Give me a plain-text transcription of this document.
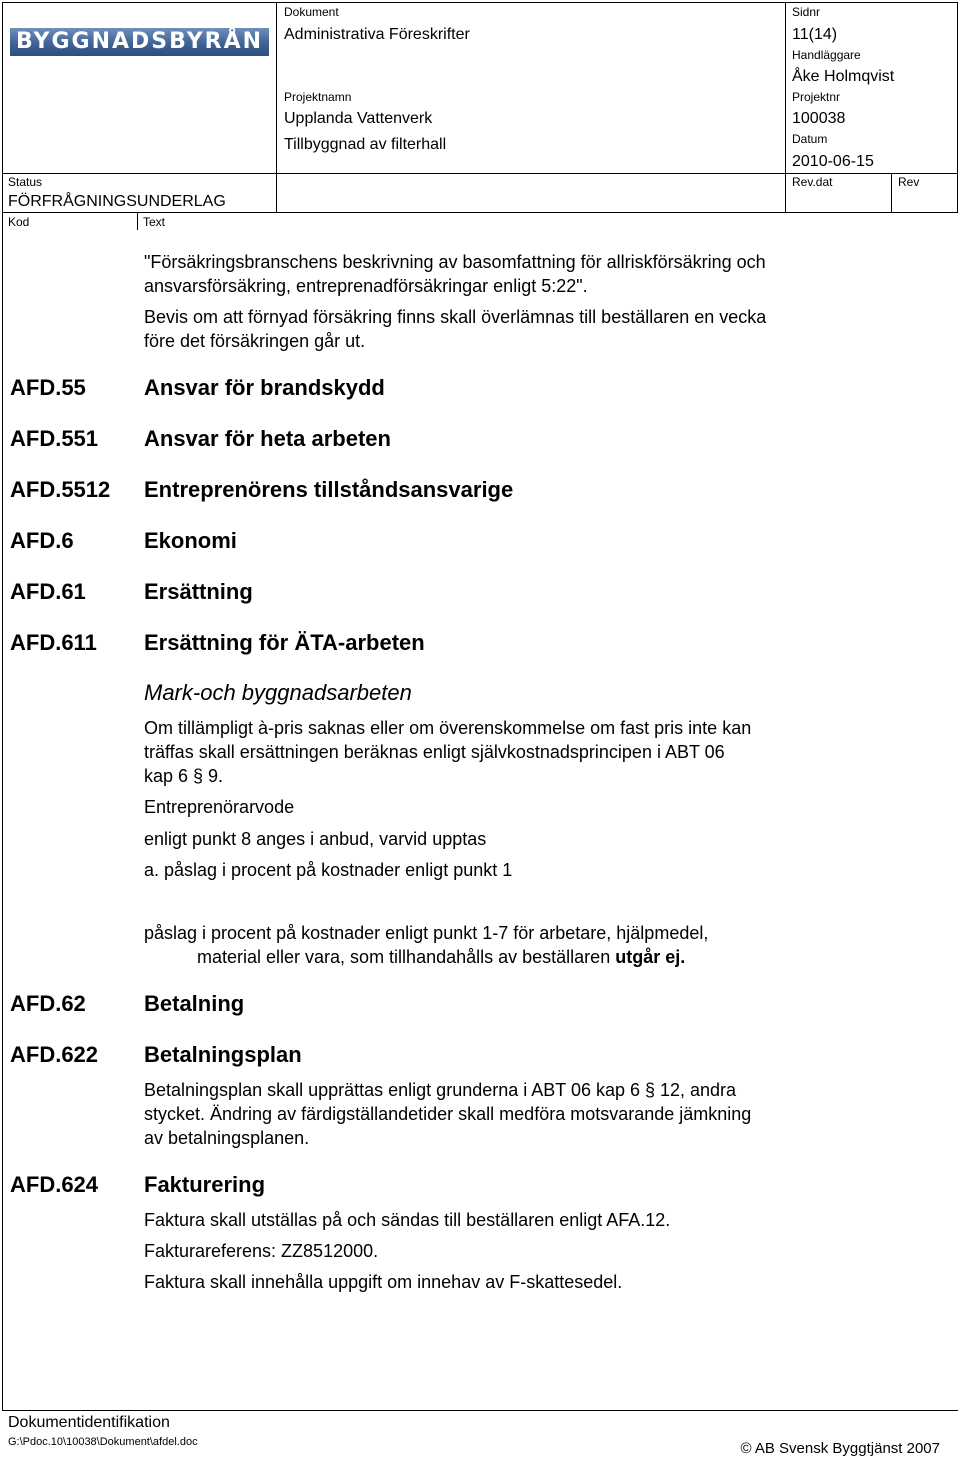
BYGGNADSBYRÅN
Dokument
Administrativa Föreskrifter
Sidnr
11(14)
Handläggare
Åke Holmqvist
Projektnamn
Upplanda Vattenverk
Tillbyggnad av filterhall
Projektnr
100038
Datum
2010-06-15
Status
FÖRFRÅGNINGSUNDERLAG
Rev.dat	Rev
Kod	Text
"Försäkringsbranschens beskrivning av basomfattning för allriskförsäkring och
ansvarsförsäkring, entreprenadförsäkringar enligt 5:22".
Bevis om att förnyad försäkring finns skall överlämnas till beställaren en vecka
före det försäkringen går ut.
AFD.55	Ansvar för brandskydd
AFD.551 Ansvar för heta arbeten
AFD.5512 Entreprenörens tillståndsansvarige
AFD.6	Ekonomi
AFD.61	Ersättning
AFD.611 Ersättning för ÄTA-arbeten
Mark-och byggnadsarbeten
Om tillämpligt à-pris saknas eller om överenskommelse om fast pris inte kan
träffas skall ersättningen beräknas enligt självkostnadsprincipen i ABT 06
kap 6 § 9.
Entreprenörarvode
enligt punkt 8 anges i anbud, varvid upptas
a. påslag i procent på kostnader enligt punkt 1
påslag i procent på kostnader enligt punkt 1-7 för arbetare, hjälpmedel,
material eller vara, som tillhandahålls av beställaren utgår ej.
AFD.62	Betalning
AFD.622 Betalningsplan
Betalningsplan skall upprättas enligt grunderna i ABT 06 kap 6 § 12, andra
stycket. Ändring av färdigställandetider skall medföra motsvarande jämkning
av betalningsplanen.
AFD.624 Fakturering
Faktura skall utställas på och sändas till beställaren enligt AFA.12.
Fakturareferens: ZZ8512000.
Faktura skall innehålla uppgift om innehav av F-skattesedel.
Dokumentidentifikation
G:\Pdoc.10\10038\Dokument\afdel.doc	© AB Svensk Byggtjänst 2007
